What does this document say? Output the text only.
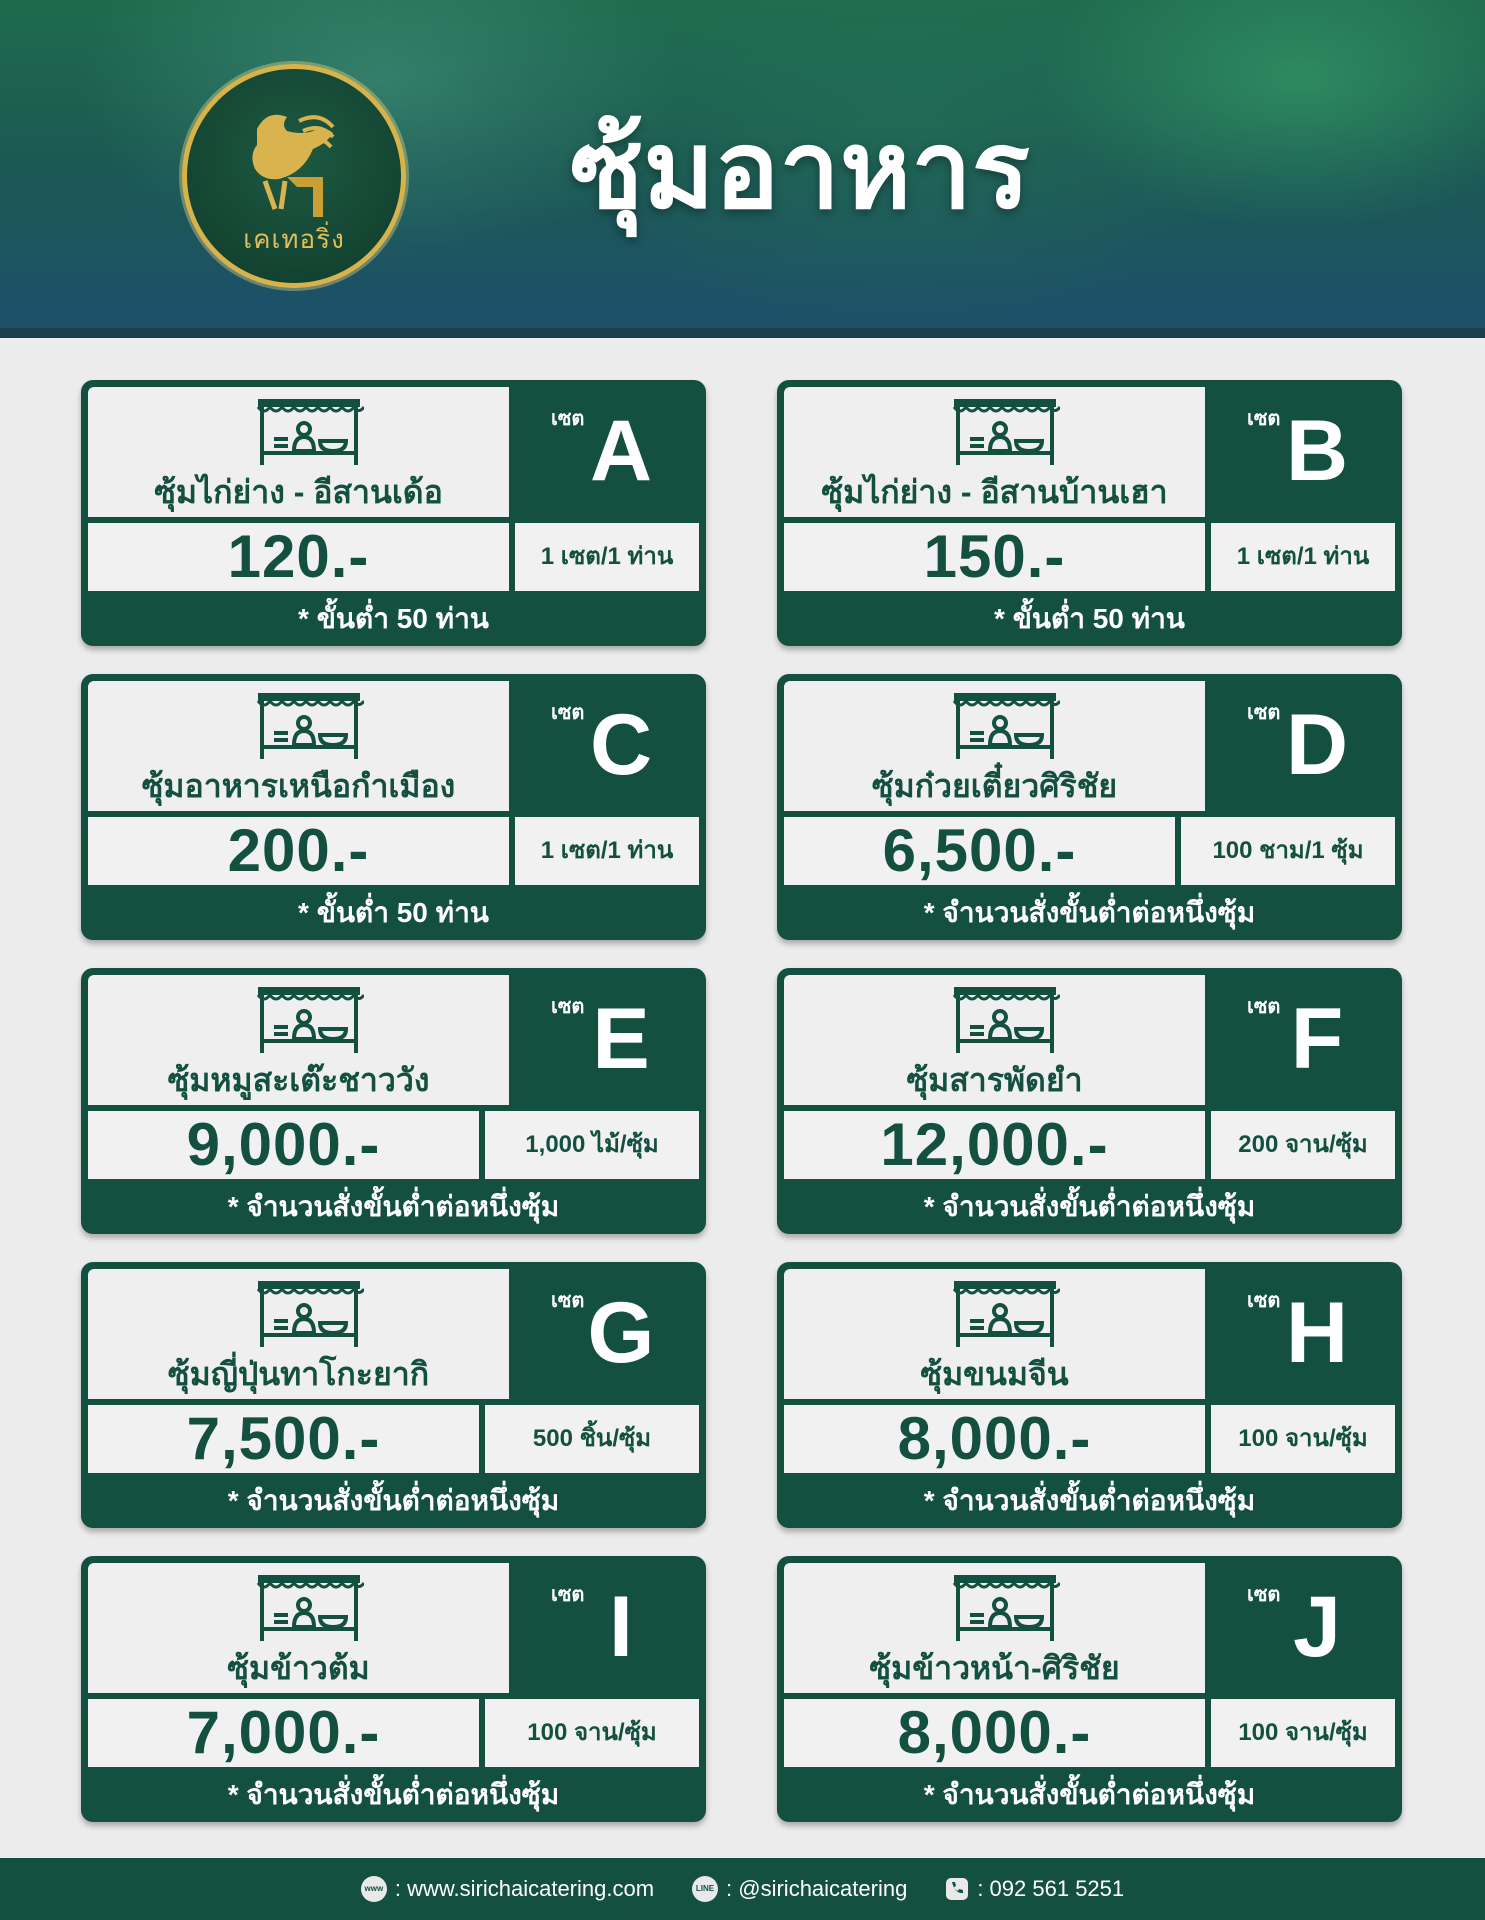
เคเทอริ่ง
ซุ้มอาหาร
ซุ้มไก่ย่าง - อีสานเด้อ
เซต A
120.-	1 เซต/1 ท่าน
* ขั้นต่ำ 50 ท่าน
ซุ้มไก่ย่าง - อีสานบ้านเฮา
เซต B
150.-	1 เซต/1 ท่าน
* ขั้นต่ำ 50 ท่าน
ซุ้มอาหารเหนือกำเมือง
เซต C
200.-	1 เซต/1 ท่าน
* ขั้นต่ำ 50 ท่าน
ซุ้มก๋วยเตี๋ยวศิริชัย
เซต D
6,500.-	100 ชาม/1 ซุ้ม
* จำนวนสั่งขั้นต่ำต่อหนึ่งซุ้ม
ซุ้มหมูสะเต๊ะชาววัง
เซต E
9,000.-	1,000 ไม้/ซุ้ม
* จำนวนสั่งขั้นต่ำต่อหนึ่งซุ้ม
ซุ้มสารพัดยำ
เซต F
12,000.-	200 จาน/ซุ้ม
* จำนวนสั่งขั้นต่ำต่อหนึ่งซุ้ม
ซุ้มญี่ปุ่นทาโกะยากิ
เซต G
7,500.-	500 ชิ้น/ซุ้ม
* จำนวนสั่งขั้นต่ำต่อหนึ่งซุ้ม
ซุ้มขนมจีน
เซต H
8,000.-	100 จาน/ซุ้ม
* จำนวนสั่งขั้นต่ำต่อหนึ่งซุ้ม
ซุ้มข้าวต้ม
เซต I
7,000.-	100 จาน/ซุ้ม
* จำนวนสั่งขั้นต่ำต่อหนึ่งซุ้ม
ซุ้มข้าวหน้า-ศิริชัย
เซต J
8,000.-	100 จาน/ซุ้ม
* จำนวนสั่งขั้นต่ำต่อหนึ่งซุ้ม
www : www.sirichaicatering.com	LINE : @sirichaicatering	: 092 561 5251
